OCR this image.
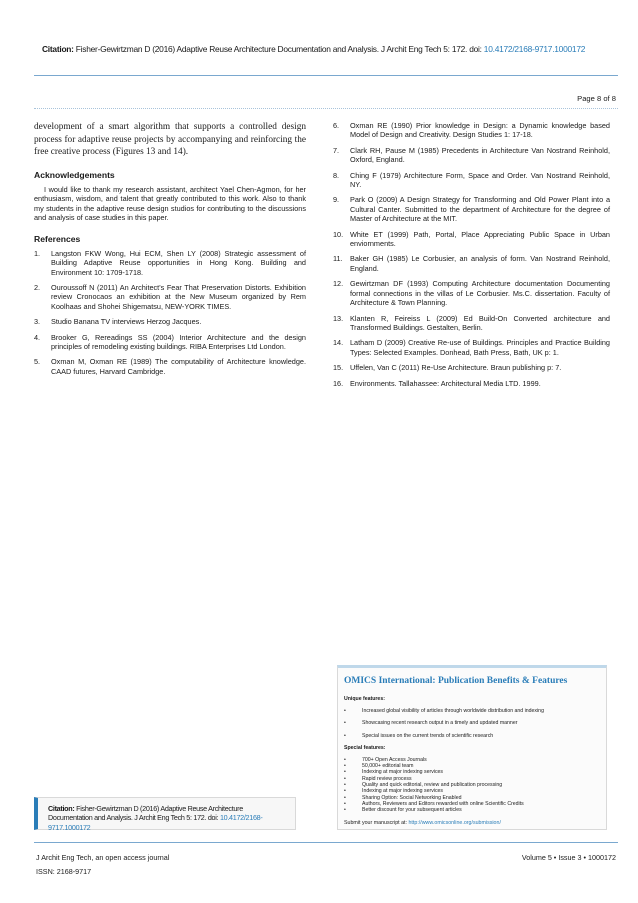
Citation: Fisher-Gewirtzman D (2016) Adaptive Reuse Architecture Documentation and Analysis. J Archit Eng Tech 5: 172. doi: 10.4172/2168-9717.1000172
Page 8 of 8

development of a smart algorithm that supports a controlled design process for adaptive reuse projects by accompanying and reinforcing the free creative process (Figures 13 and 14).

Acknowledgements

I would like to thank my research assistant, architect Yael Chen-Agmon, for her enthusiasm, wisdom, and talent that greatly contributed to this work. Also to thank my students in the adaptive reuse design studios for contributing to the discussions and analysis of case studies in this paper.

References
1.	Langston FKW Wong, Hui ECM, Shen LY (2008) Strategic assessment of Building Adaptive Reuse opportunities in Hong Kong. Building and Environment 10: 1709-1718.
2.	Ouroussoff N (2011) An Architect's Fear That Preservation Distorts. Exhibition review Cronocaos an exhibition at the New Museum organized by Rem Koolhaas and Shohei Shigematsu, NEW-YORK TIMES.
3.	Studio Banana TV interviews Herzog Jacques.
4.	Brooker G, Rereadings SS (2004) Interior Architecture and the design principles of remodeling existing buildings. RIBA Enterprises Ltd London.
5.	Oxman M, Oxman RE (1989) The computability of Architecture knowledge. CAAD futures, Harvard Cambridge.
6.	Oxman RE (1990) Prior knowledge in Design: a Dynamic knowledge based Model of Design and Creativity. Design Studies 1: 17-18.
7.	Clark RH, Pause M (1985) Precedents in Architecture Van Nostrand Reinhold, Oxford, England.
8.	Ching F (1979) Architecture Form, Space and Order. Van Nostrand Reinhold, NY.
9.	Park O (2009) A Design Strategy for Transforming and Old Power Plant into a Cultural Canter. Submitted to the department of Architecture for the degree of Master of Architecture at the MIT.
10. White ET (1999) Path, Portal, Place Appreciating Public Space in Urban enviornments.
11.	Baker GH (1985) Le Corbusier, an analysis of form. Van Nostrand Reinhold, England.
12. Gewirtzman DF (1993) Computing Architecture documentation Documenting formal connections in the villas of Le Corbusier. Ms.C. dissertation. Faculty of Architecture & Town Planning.
13. Klanten R, Feireiss L (2009) Ed Build-On Converted architecture and Transformed Buildings. Gestalten, Berlin.
14. Latham D (2009) Creative Re-use of Buildings. Principles and Practice Building Types: Selected Examples. Donhead, Bath Press, Bath, UK p: 1.
15. Uffelen, Van C (2011) Re-Use Architecture. Braun publishing p: 7.
16. Environments. Tallahassee: Architectural Media LTD. 1999.
Citation: Fisher-Gewirtzman D (2016) Adaptive Reuse Architecture Documentation and Analysis. J Archit Eng Tech 5: 172. doi: 10.4172/2168-9717.1000172
OMICS International: Publication Benefits & Features
Unique features:
•	Increased global visibility of articles through worldwide distribution and indexing
•	Showcasing recent research output in a timely and updated manner
•	Special issues on the current trends of scientific research
Special features:
•	700+ Open Access Journals
•	50,000+ editorial team
•	Indexing at major indexing services
•	Rapid review process
•	Quality and quick editorial, review and publication processing
•	Indexing at major indexing services
•	Sharing Option: Social Networking Enabled
•	Authors, Reviewers and Editors rewarded with online Scientific Credits
•	Better discount for your subsequent articles
Submit your manuscript at: http://www.omicsonline.org/submission/
J Archit Eng Tech, an open access journal
ISSN: 2168-9717
Volume 5 • Issue 3 • 1000172
